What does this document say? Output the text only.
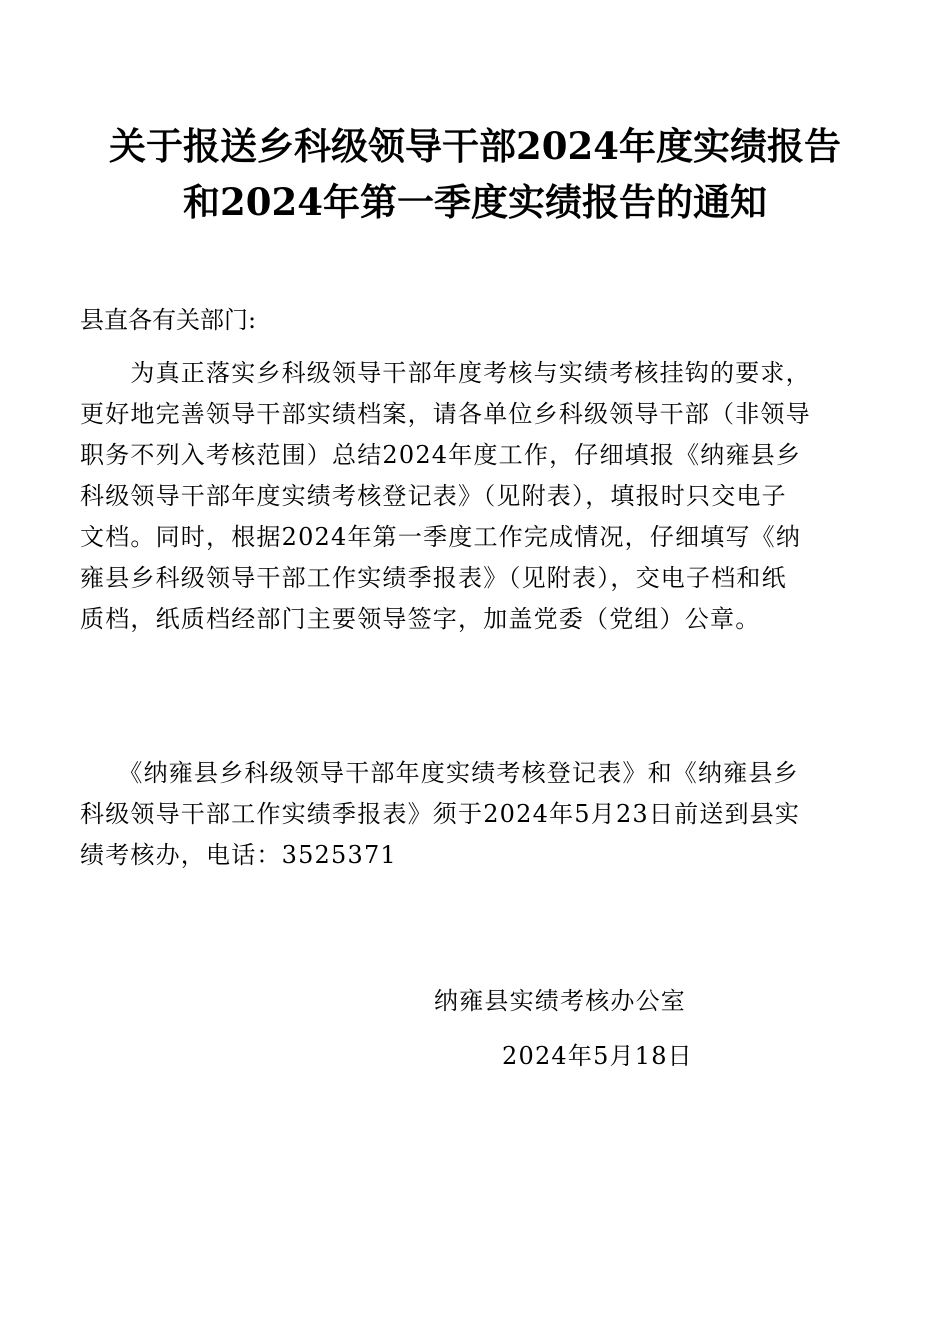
关于报送乡科级领导干部2024年度实绩报告
和2024年第一季度实绩报告的通知
县直各有关部门:
　　为真正落实乡科级领导干部年度考核与实绩考核挂钩的要求，
更好地完善领导干部实绩档案，请各单位乡科级领导干部（非领导
职务不列入考核范围）总结2024年度工作，仔细填报《纳雍县乡
科级领导干部年度实绩考核登记表》（见附表），填报时只交电子
文档。同时，根据2024年第一季度工作完成情况，仔细填写《纳
雍县乡科级领导干部工作实绩季报表》（见附表），交电子档和纸
质档，纸质档经部门主要领导签字，加盖党委（党组）公章。
　　《纳雍县乡科级领导干部年度实绩考核登记表》和《纳雍县乡
科级领导干部工作实绩季报表》须于2024年5月23日前送到县实
绩考核办，电话：3525371
纳雍县实绩考核办公室
2024年5月18日
